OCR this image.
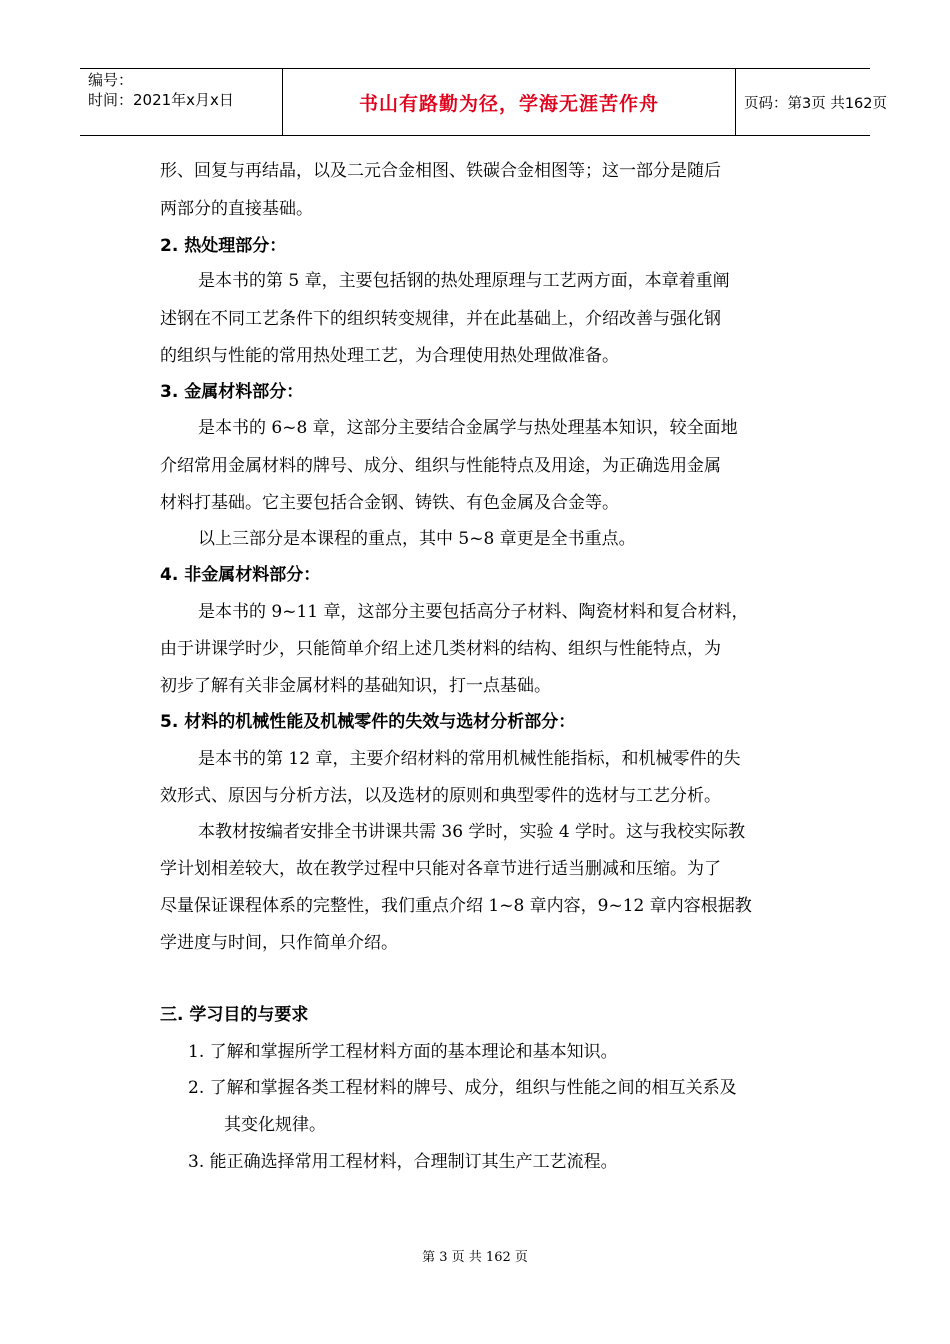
编号：
时间：2021年x月x日	书山有路勤为径，学海无涯苦作舟	页码：第3页 共162页
形、回复与再结晶，以及二元合金相图、铁碳合金相图等；这一部分是随后
两部分的直接基础。
2. 热处理部分：
是本书的第 5 章，主要包括钢的热处理原理与工艺两方面，本章着重阐
述钢在不同工艺条件下的组织转变规律，并在此基础上，介绍改善与强化钢
的组织与性能的常用热处理工艺，为合理使用热处理做准备。
3. 金属材料部分：
是本书的 6~8 章，这部分主要结合金属学与热处理基本知识，较全面地
介绍常用金属材料的牌号、成分、组织与性能特点及用途，为正确选用金属
材料打基础。它主要包括合金钢、铸铁、有色金属及合金等。
以上三部分是本课程的重点，其中 5~8 章更是全书重点。
4. 非金属材料部分：
是本书的 9~11 章，这部分主要包括高分子材料、陶瓷材料和复合材料，
由于讲课学时少，只能简单介绍上述几类材料的结构、组织与性能特点，为
初步了解有关非金属材料的基础知识，打一点基础。
5. 材料的机械性能及机械零件的失效与选材分析部分：
是本书的第 12 章，主要介绍材料的常用机械性能指标，和机械零件的失
效形式、原因与分析方法，以及选材的原则和典型零件的选材与工艺分析。
本教材按编者安排全书讲课共需 36 学时，实验 4 学时。这与我校实际教
学计划相差较大，故在教学过程中只能对各章节进行适当删减和压缩。为了
尽量保证课程体系的完整性，我们重点介绍 1~8 章内容，9~12 章内容根据教
学进度与时间，只作简单介绍。
三. 学习目的与要求
1. 了解和掌握所学工程材料方面的基本理论和基本知识。
2. 了解和掌握各类工程材料的牌号、成分，组织与性能之间的相互关系及
其变化规律。
3. 能正确选择常用工程材料，合理制订其生产工艺流程。
第 3 页 共 162 页
